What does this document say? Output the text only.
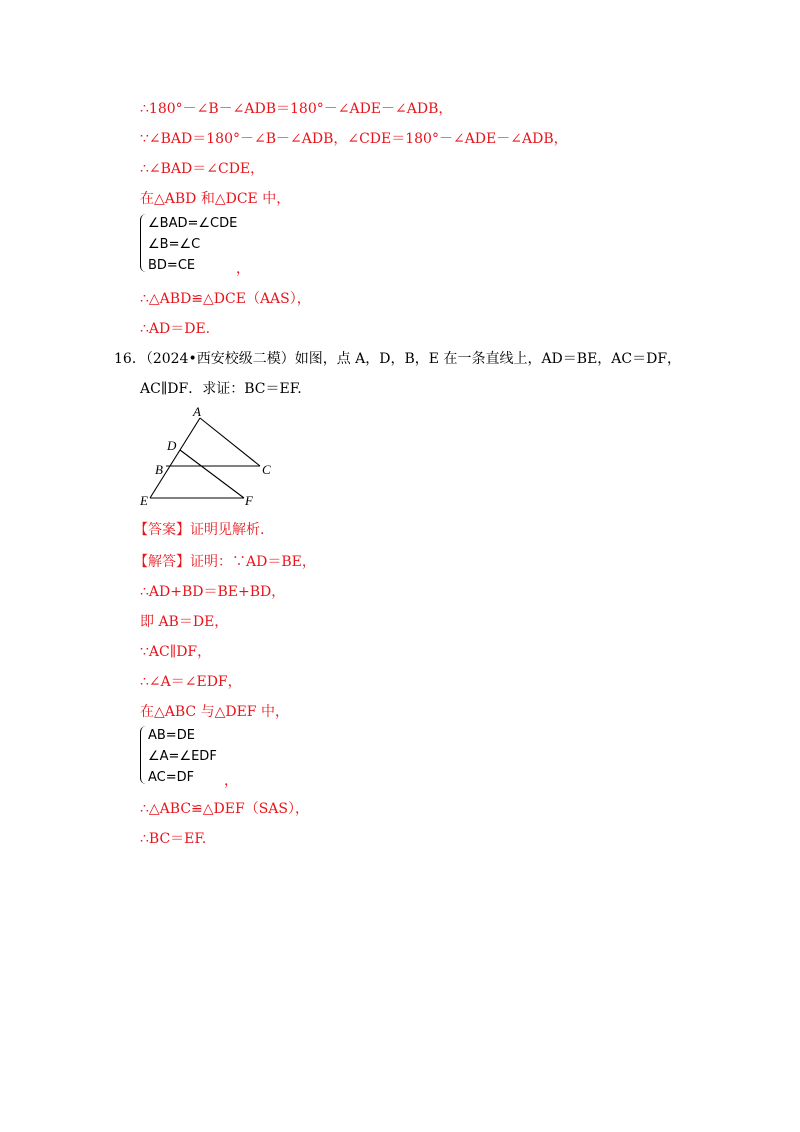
∴180°－∠B－∠ADB＝180°－∠ADE－∠ADB，
∵∠BAD＝180°－∠B－∠ADB，∠CDE＝180°－∠ADE－∠ADB，
∴∠BAD＝∠CDE，
在△ABD 和△DCE 中，
∠BAD=∠CDE
∠B=∠C
BD=CE	，
∴△ABD≌△DCE（AAS），
∴AD＝DE.
16．（2024•西安校级二模）如图，点 A，D，B，E 在一条直线上，AD＝BE，AC＝DF，
AC∥DF．求证：BC＝EF.
A
D
B	C
E	F
【答案】证明见解析.
【解答】证明：∵AD＝BE，
∴AD+BD＝BE+BD，
即 AB＝DE，
∵AC∥DF，
∴∠A＝∠EDF，
在△ABC 与△DEF 中，
AB=DE
∠A=∠EDF
AC=DF ，
∴△ABC≌△DEF（SAS），
∴BC＝EF.
